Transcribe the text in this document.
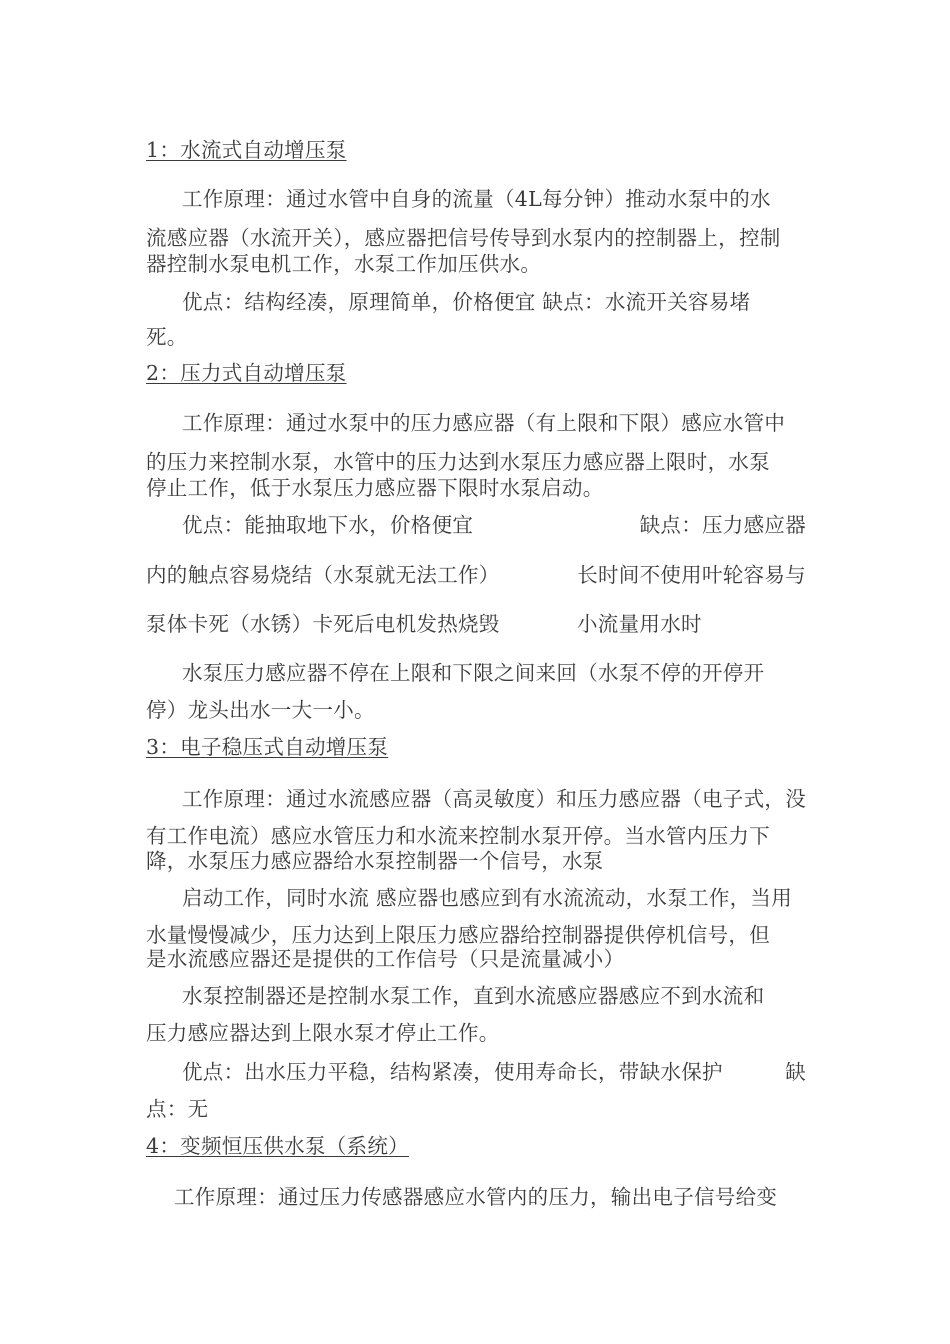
1：水流式自动增压泵
工作原理：通过水管中自身的流量（4L每分钟）推动水泵中的水
流感应器（水流开关），感应器把信号传导到水泵内的控制器上，控制
器控制水泵电机工作，水泵工作加压供水。
优点：结构经凑，原理简单，价格便宜 缺点：水流开关容易堵
死。
2：压力式自动增压泵
工作原理：通过水泵中的压力感应器（有上限和下限）感应水管中
的压力来控制水泵，水管中的压力达到水泵压力感应器上限时，水泵
停止工作，低于水泵压力感应器下限时水泵启动。
优点：能抽取地下水，价格便宜	缺点：压力感应器
内的触点容易烧结（水泵就无法工作）	长时间不使用叶轮容易与
泵体卡死（水锈）卡死后电机发热烧毁	小流量用水时
水泵压力感应器不停在上限和下限之间来回（水泵不停的开停开
停）龙头出水一大一小。
3：电子稳压式自动增压泵
工作原理：通过水流感应器（高灵敏度）和压力感应器（电子式，没
有工作电流）感应水管压力和水流来控制水泵开停。当水管内压力下
降，水泵压力感应器给水泵控制器一个信号，水泵
启动工作，同时水流 感应器也感应到有水流流动，水泵工作，当用
水量慢慢减少，压力达到上限压力感应器给控制器提供停机信号，但
是水流感应器还是提供的工作信号（只是流量减小）
水泵控制器还是控制水泵工作，直到水流感应器感应不到水流和
压力感应器达到上限水泵才停止工作。
优点：出水压力平稳，结构紧凑，使用寿命长，带缺水保护	缺
点：无
4：变频恒压供水泵（系统）
工作原理：通过压力传感器感应水管内的压力，输出电子信号给变
